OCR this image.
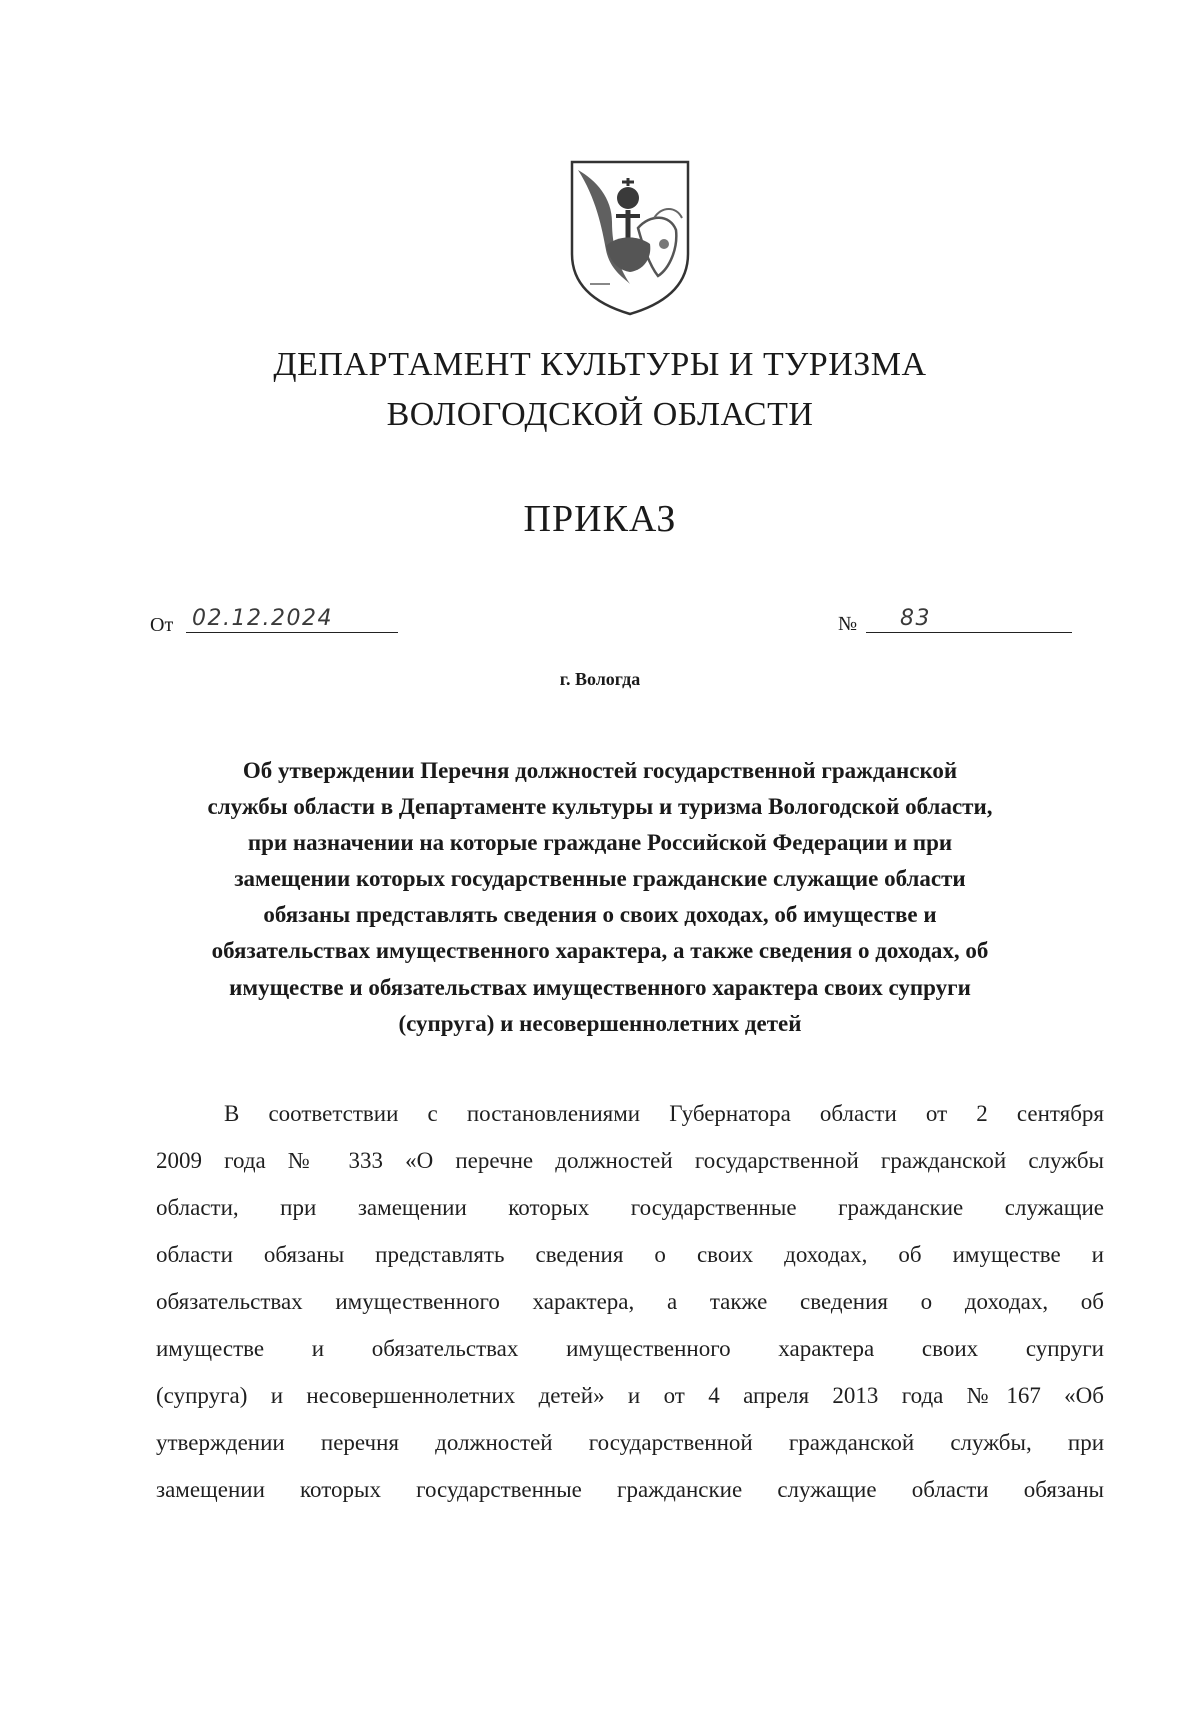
ДЕПАРТАМЕНТ КУЛЬТУРЫ И ТУРИЗМА
ВОЛОГОДСКОЙ ОБЛАСТИ
ПРИКАЗ
От 02.12.2024	№ 83
г. Вологда
Об утверждении Перечня должностей государственной гражданской
службы области в Департаменте культуры и туризма Вологодской области,
при назначении на которые граждане Российской Федерации и при
замещении которых государственные гражданские служащие области
обязаны представлять сведения о своих доходах, об имуществе и
обязательствах имущественного характера, а также сведения о доходах, об
имуществе и обязательствах имущественного характера своих супруги
(супруга) и несовершеннолетних детей
В соответствии с постановлениями Губернатора области от 2 сентября
2009 года № 333 «О перечне должностей государственной гражданской службы
области, при замещении которых государственные гражданские служащие
области обязаны представлять сведения о своих доходах, об имуществе и
обязательствах имущественного характера, а также сведения о доходах, об
имуществе и обязательствах имущественного характера своих супруги
(супруга) и несовершеннолетних детей» и от 4 апреля 2013 года №167 «Об
утверждении перечня должностей государственной гражданской службы, при
замещении которых государственные гражданские служащие области обязаны
